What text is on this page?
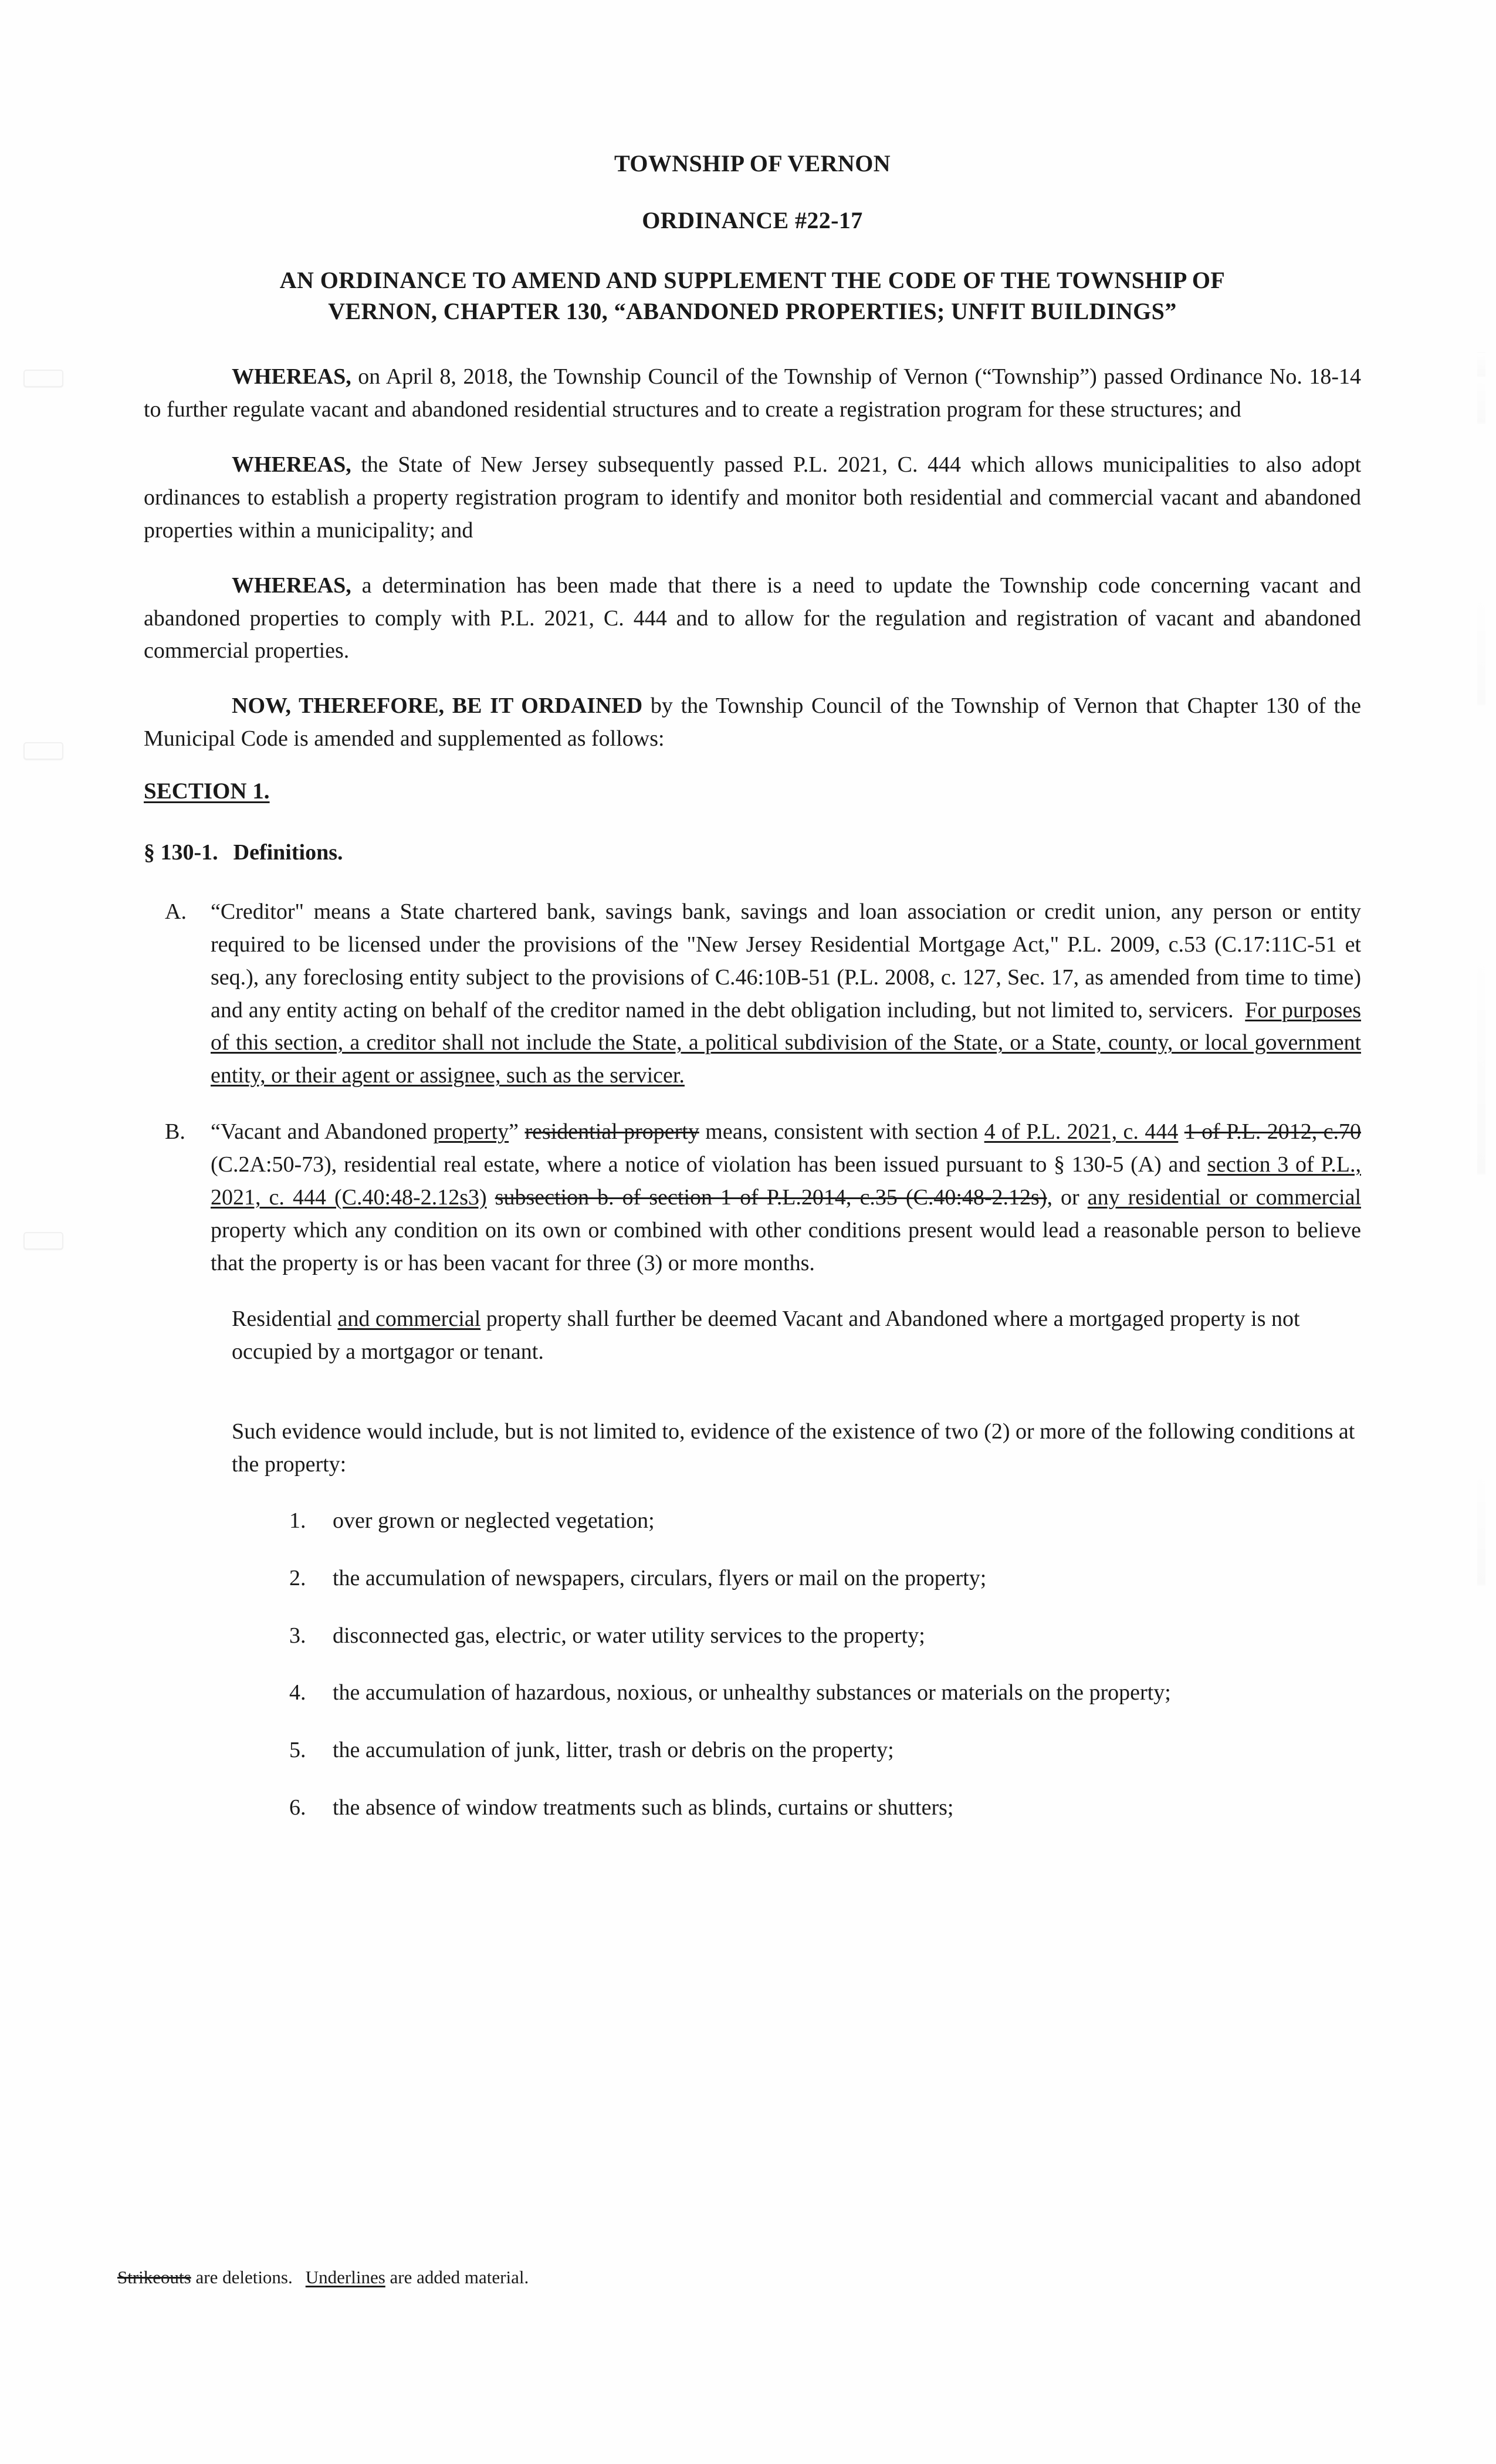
TOWNSHIP OF VERNON
ORDINANCE #22-17
AN ORDINANCE TO AMEND AND SUPPLEMENT THE CODE OF THE TOWNSHIP OF
VERNON, CHAPTER 130, “ABANDONED PROPERTIES; UNFIT BUILDINGS”

WHEREAS, on April 8, 2018, the Township Council of the Township of Vernon (“Township”) passed Ordinance No. 18-14 to further regulate vacant and abandoned residential structures and to create a registration program for these structures; and

WHEREAS, the State of New Jersey subsequently passed P.L. 2021, C. 444 which allows municipalities to also adopt ordinances to establish a property registration program to identify and monitor both residential and commercial vacant and abandoned properties within a municipality; and

WHEREAS, a determination has been made that there is a need to update the Township code concerning vacant and abandoned properties to comply with P.L. 2021, C. 444 and to allow for the regulation and registration of vacant and abandoned commercial properties.

NOW, THEREFORE, BE IT ORDAINED by the Township Council of the Township of Vernon that Chapter 130 of the Municipal Code is amended and supplemented as follows:

SECTION 1.
§ 130-1. Definitions.
A.	“Creditor" means a State chartered bank, savings bank, savings and loan association or credit union, any person or entity required to be licensed under the provisions of the "New Jersey Residential Mortgage Act," P.L. 2009, c.53 (C.17:11C-51 et seq.), any foreclosing entity subject to the provisions of C.46:10B-51 (P.L. 2008, c. 127, Sec. 17, as amended from time to time) and any entity acting on behalf of the creditor named in the debt obligation including, but not limited to, servicers. For purposes of this section, a creditor shall not include the State, a political subdivision of the State, or a State, county, or local government entity, or their agent or assignee, such as the servicer.
B.	“Vacant and Abandoned property” residential property means, consistent with section 4 of P.L. 2021, c. 444 1 of P.L. 2012, c.70 (C.2A:50-73), residential real estate, where a notice of violation has been issued pursuant to § 130-5 (A) and section 3 of P.L., 2021, c. 444 (C.40:48-2.12s3) subsection b. of section 1 of P.L.2014, c.35 (C.40:48-2.12s), or any residential or commercial property which any condition on its own or combined with other conditions present would lead a reasonable person to believe that the property is or has been vacant for three (3) or more months.
Residential and commercial property shall further be deemed Vacant and Abandoned where a mortgaged property is not occupied by a mortgagor or tenant.
Such evidence would include, but is not limited to, evidence of the existence of two (2) or more of the following conditions at the property:
1.	over grown or neglected vegetation;
2.	the accumulation of newspapers, circulars, flyers or mail on the property;
3.	disconnected gas, electric, or water utility services to the property;
4.	the accumulation of hazardous, noxious, or unhealthy substances or materials on the property;
5.	the accumulation of junk, litter, trash or debris on the property;
6.	the absence of window treatments such as blinds, curtains or shutters;
Strikeouts are deletions. Underlines are added material.
